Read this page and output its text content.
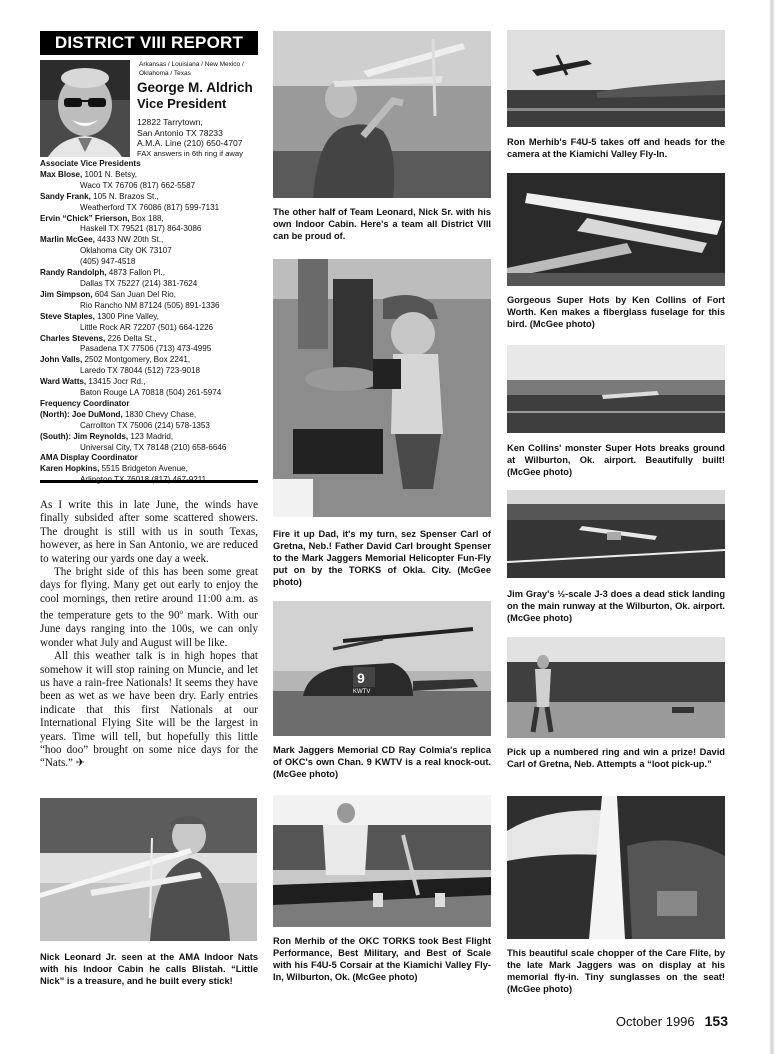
DISTRICT VIII REPORT
Arkansas / Louisiana / New Mexico / Oklahoma / Texas
George M. Aldrich
Vice President
12822 Tarrytown,
San Antonio TX 78233
A.M.A. Line (210) 650-4707
FAX answers in 6th ring if away
Associate Vice Presidents
Max Blose, 1001 N. Betsy,
Waco TX 76706 (817) 662-5587
Sandy Frank, 105 N. Brazos St.,
Weatherford TX 76086 (817) 599-7131
Ervin “Chick” Frierson, Box 188,
Haskell TX 79521 (817) 864-3086
Marlin McGee, 4433 NW 20th St.,
Oklahoma City OK 73107
(405) 947-4518
Randy Randolph, 4873 Fallon Pl.,
Dallas TX 75227 (214) 381-7624
Jim Simpson, 604 San Juan Del Rio,
Rio Rancho NM 87124 (505) 891-1336
Steve Staples, 1300 Pine Valley,
Little Rock AR 72207 (501) 664-1226
Charles Stevens, 226 Delta St.,
Pasadena TX 77506 (713) 473-4995
John Valls, 2502 Montgomery, Box 2241,
Laredo TX 78044 (512) 723-9018
Ward Watts, 13415 Jocr Rd.,
Baton Rouge LA 70818 (504) 261-5974
Frequency Coordinator
(North): Joe DuMond, 1830 Chevy Chase,
Carrollton TX 75006 (214) 578-1353
(South): Jim Reynolds, 123 Madrid,
Universal City, TX 78148 (210) 658-6646
AMA Display Coordinator
Karen Hopkins, 5515 Bridgeton Avenue,

As I write this in late June, the winds have finally subsided after some scattered showers. The drought is still with us in south Texas, however, as here in San Antonio, we are reduced to watering our yards one day a week.

The bright side of this has been some great days for flying. Many get out early to enjoy the cool mornings, then retire around 11:00 a.m. as the temperature gets to the 90$^o$ mark. With our June days ranging into the 100s, we can only wonder what July and August will be like.

All this weather talk is in high hopes that somehow it will stop raining on Muncie, and let us have a rain-free Nationals! It seems they have been as wet as we have been dry. Early entries indicate that this first Nationals at our International Flying Site will be the largest in years. Time will tell, but hopefully this little “hoo doo” brought on some nice days for the “Nats.” ✈

The other half of Team Leonard, Nick Sr. with his own Indoor Cabin. Here's a team all District VIII can be proud of.
Fire it up Dad, it's my turn, sez Spenser Carl of Gretna, Neb.! Father David Carl brought Spenser to the Mark Jaggers Memorial Helicopter Fun-Fly put on by the TORKS of Okla. City. (McGee photo)
9
KWTV
Mark Jaggers Memorial CD Ray Colmia's replica of OKC's own Chan. 9 KWTV is a real knock-out. (McGee photo)
Ron Merhib's F4U-5 takes off and heads for the camera at the Kiamichi Valley Fly-In.
Gorgeous Super Hots by Ken Collins of Fort Worth. Ken makes a fiberglass fuselage for this bird. (McGee photo)
Ken Collins' monster Super Hots breaks ground at Wilburton, Ok. airport. Beautifully built! (McGee photo)
Jim Gray's ½-scale J-3 does a dead stick landing on the main runway at the Wilburton, Ok. airport. (McGee photo)
Pick up a numbered ring and win a prize! David Carl of Gretna, Neb. Attempts a “loot pick-up.”
Nick Leonard Jr. seen at the AMA Indoor Nats with his Indoor Cabin he calls Blistah. “Little Nick” is a treasure, and he built every stick!
Ron Merhib of the OKC TORKS took Best Flight Performance, Best Military, and Best of Scale with his F4U-5 Corsair at the Kiamichi Valley Fly-In, Wilburton, Ok. (McGee photo)
This beautiful scale chopper of the Care Flite, by the late Mark Jaggers was on display at his memorial fly-in. Tiny sunglasses on the seat! (McGee photo)
October 1996 153
